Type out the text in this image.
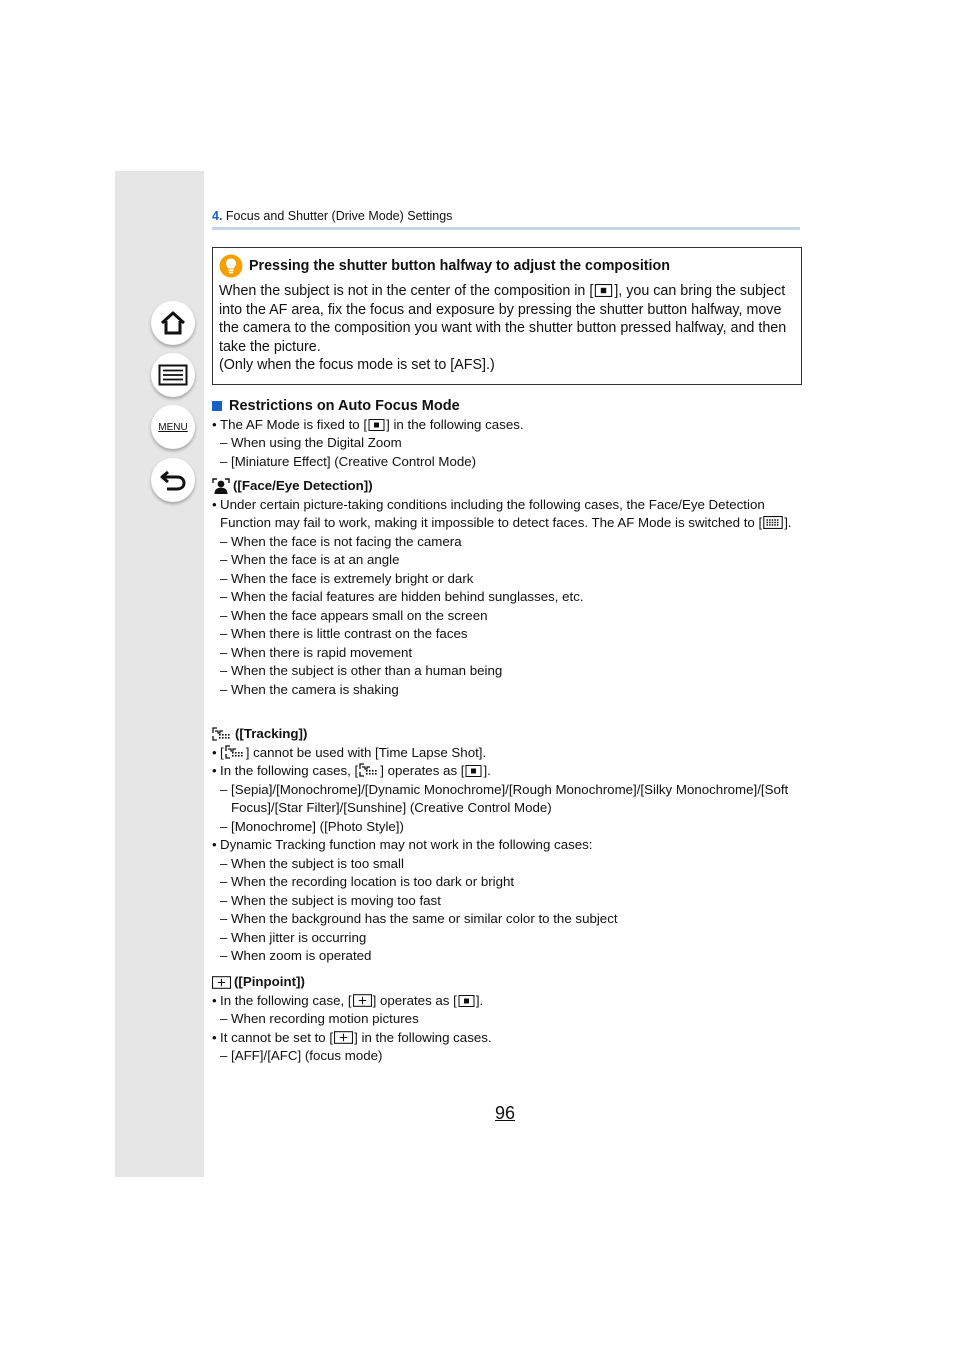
MENU
4. Focus and Shutter (Drive Mode) Settings
Pressing the shutter button halfway to adjust the composition
When the subject is not in the center of the composition in [ ], you can bring the subject into the AF area, fix the focus and exposure by pressing the shutter button halfway, move the camera to the composition you want with the shutter button pressed halfway, and then take the picture.
(Only when the focus mode is set to [AFS].)
Restrictions on Auto Focus Mode
• The AF Mode is fixed to [ ] in the following cases.
– When using the Digital Zoom
– [Miniature Effect] (Creative Control Mode)
([Face/Eye Detection])
• Under certain picture-taking conditions including the following cases, the Face/Eye Detection Function may fail to work, making it impossible to detect faces. The AF Mode is switched to [ ].
– When the face is not facing the camera
– When the face is at an angle
– When the face is extremely bright or dark
– When the facial features are hidden behind sunglasses, etc.
– When the face appears small on the screen
– When there is little contrast on the faces
– When there is rapid movement
– When the subject is other than a human being
– When the camera is shaking
([Tracking])
• [ ] cannot be used with [Time Lapse Shot].
• In the following cases, [ ] operates as [ ].
– [Sepia]/[Monochrome]/[Dynamic Monochrome]/[Rough Monochrome]/[Silky Monochrome]/[Soft Focus]/[Star Filter]/[Sunshine] (Creative Control Mode)
– [Monochrome] ([Photo Style])
• Dynamic Tracking function may not work in the following cases:
– When the subject is too small
– When the recording location is too dark or bright
– When the subject is moving too fast
– When the background has the same or similar color to the subject
– When jitter is occurring
– When zoom is operated
([Pinpoint])
• In the following case, [ ] operates as [ ].
– When recording motion pictures
• It cannot be set to [ ] in the following cases.
– [AFF]/[AFC] (focus mode)
96
